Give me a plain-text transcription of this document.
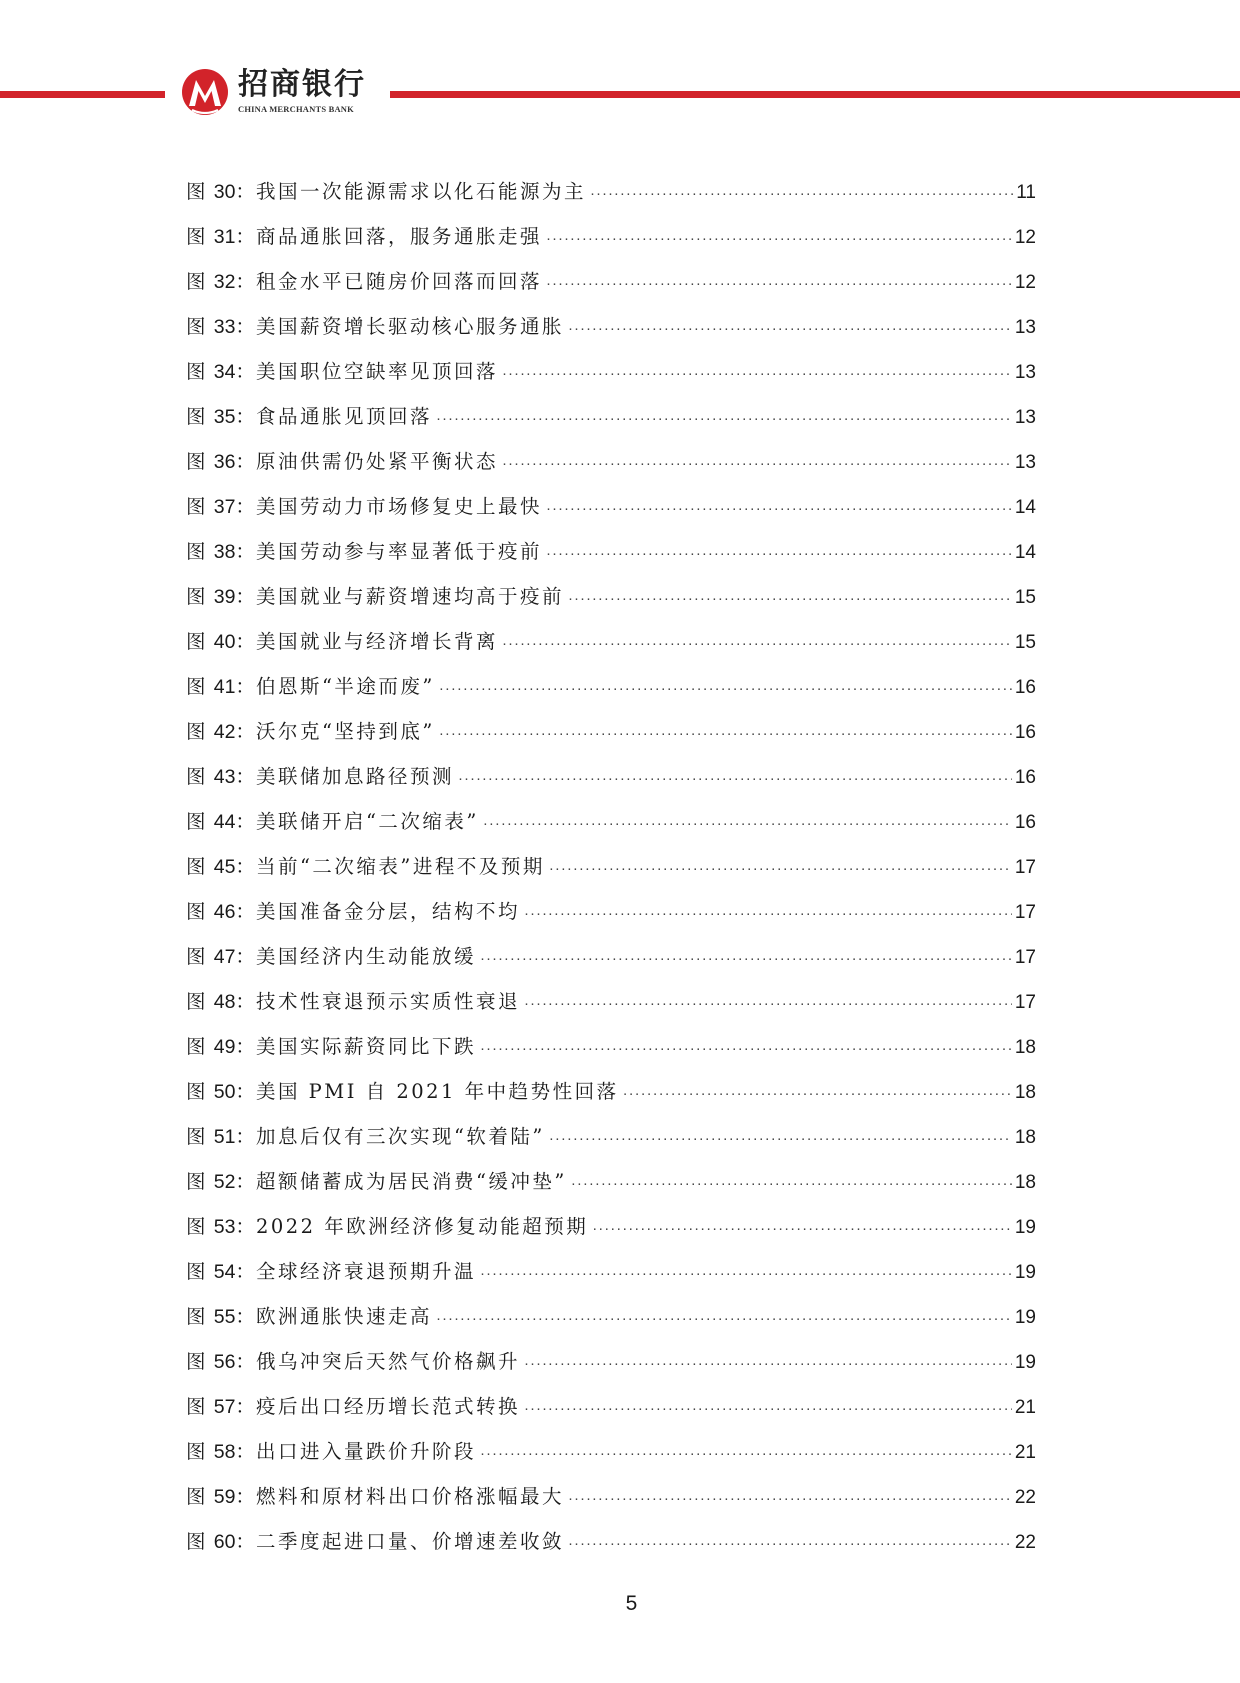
招商银行
CHINA MERCHANTS BANK
图 30： 我国一次能源需求以化石能源为主 ·····	11
图 31： 商品通胀回落，服务通胀走强 ·····	12
图 32： 租金水平已随房价回落而回落 ·····	12
图 33： 美国薪资增长驱动核心服务通胀 ·····	13
图 34： 美国职位空缺率见顶回落 ·····	13
图 35： 食品通胀见顶回落 ·····	13
图 36： 原油供需仍处紧平衡状态 ·····	13
图 37： 美国劳动力市场修复史上最快 ·····	14
图 38： 美国劳动参与率显著低于疫前 ·····	14
图 39： 美国就业与薪资增速均高于疫前 ·····	15
图 40： 美国就业与经济增长背离 ·····	15
图 41： 伯恩斯“半途而废” ·····	16
图 42： 沃尔克“坚持到底” ·····	16
图 43： 美联储加息路径预测 ·····	16
图 44： 美联储开启“二次缩表” ·····	16
图 45： 当前“二次缩表”进程不及预期 ·····	17
图 46： 美国准备金分层，结构不均 ·····	17
图 47： 美国经济内生动能放缓 ·····	17
图 48： 技术性衰退预示实质性衰退 ·····	17
图 49： 美国实际薪资同比下跌 ·····	18
图 50： 美国 PMI 自 2021 年中趋势性回落 ·····	18
图 51： 加息后仅有三次实现“软着陆” ·····	18
图 52： 超额储蓄成为居民消费“缓冲垫” ·····	18
图 53： 2022 年欧洲经济修复动能超预期 ·····	19
图 54： 全球经济衰退预期升温 ·····	19
图 55： 欧洲通胀快速走高 ·····	19
图 56： 俄乌冲突后天然气价格飙升 ·····	19
图 57： 疫后出口经历增长范式转换 ·····	21
图 58： 出口进入量跌价升阶段 ·····	21
图 59： 燃料和原材料出口价格涨幅最大 ·····	22
图 60： 二季度起进口量、价增速差收敛 ·····	22
5
